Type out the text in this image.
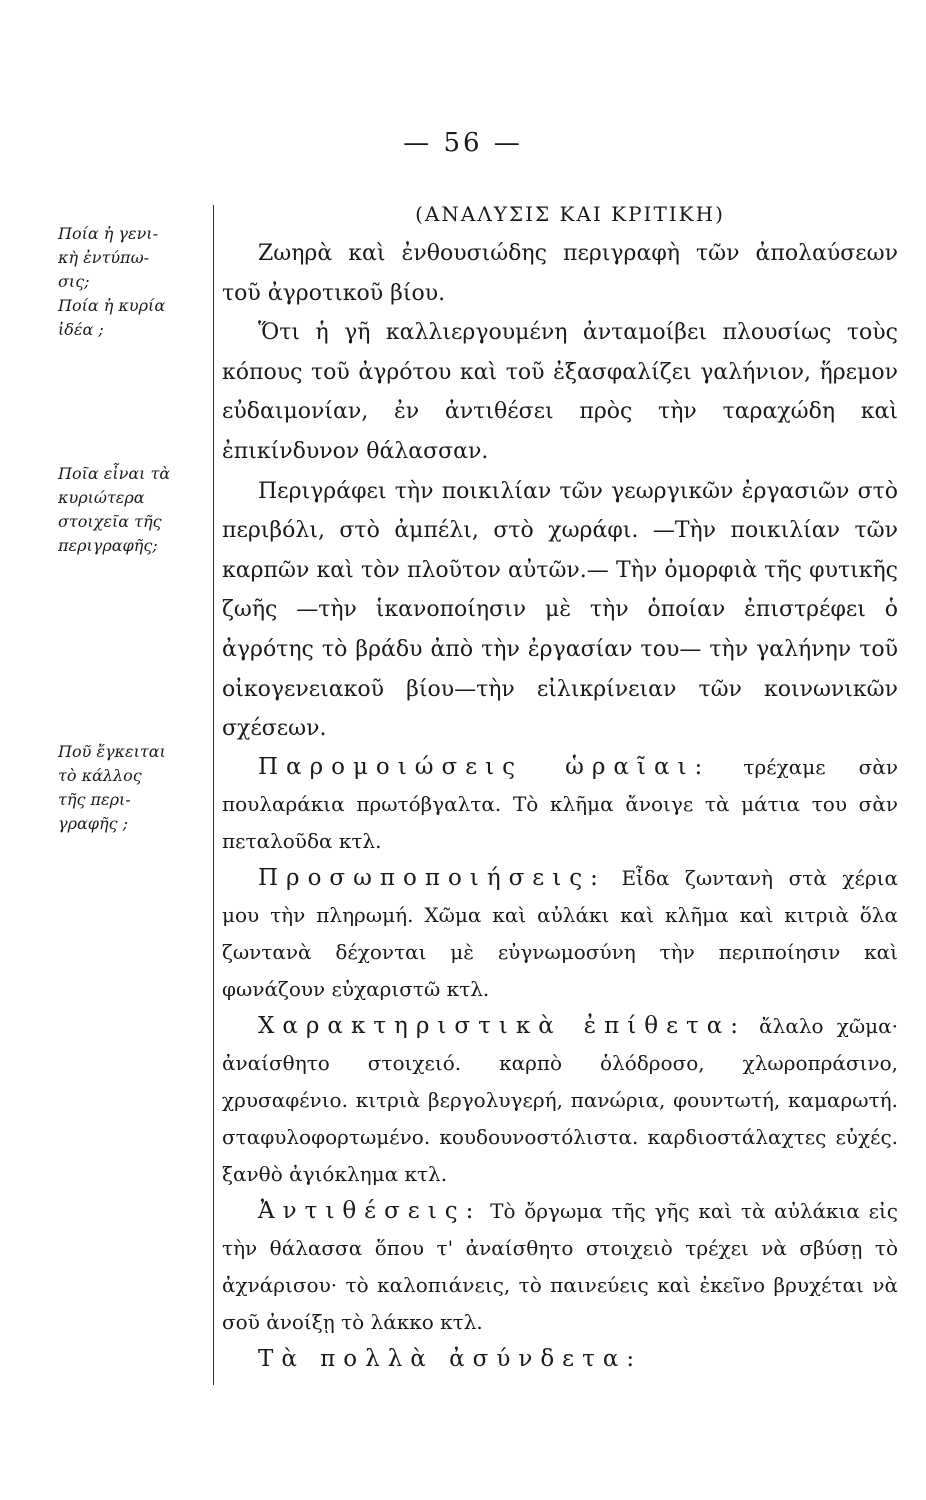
— 56 —
Ποία ἡ γενι-
κὴ ἐντύπω-
σις;
Ποία ἡ κυρία
ἰδέα ;
Ποῖα εἶναι τὰ
κυριώτερα
στοιχεῖα τῆς
περιγραφῆς;
Ποῦ ἔγκειται
τὸ κάλλος
τῆς περι-
γραφῆς ;
(ΑΝΑΛΥΣΙΣ ΚΑΙ ΚΡΙΤΙΚΗ)

Ζωηρὰ καὶ ἐνθουσιώδης περιγραφὴ τῶν ἀπολαύσεων τοῦ ἀγροτικοῦ βίου.

Ὅτι ἡ γῆ καλλιεργουμένη ἀνταμοίβει πλουσίως τοὺς κόπους τοῦ ἀγρότου καὶ τοῦ ἐξασφαλίζει γαλήνιον, ἥρεμον εὐδαιμονίαν, ἐν ἀντιθέσει πρὸς τὴν ταραχώδη καὶ ἐπικίνδυνον θάλασσαν.

Περιγράφει τὴν ποικιλίαν τῶν γεωργικῶν ἐργασιῶν στὸ περιβόλι, στὸ ἀμπέλι, στὸ χωράφι. —Τὴν ποικιλίαν τῶν καρπῶν καὶ τὸν πλοῦτον αὐτῶν.— Τὴν ὀμορφιὰ τῆς φυτικῆς ζωῆς —τὴν ἱκανοποίησιν μὲ τὴν ὁποίαν ἐπιστρέφει ὁ ἀγρότης τὸ βράδυ ἀπὸ τὴν ἐργασίαν του— τὴν γαλήνην τοῦ οἰκογενειακοῦ βίου—τὴν εἰλικρίνειαν τῶν κοινωνικῶν σχέσεων.

Παρομοιώσεις ὡραῖαι: τρέχαμε σὰν πουλαράκια πρωτόβγαλτα. Τὸ κλῆμα ἄνοιγε τὰ μάτια του σὰν πεταλοῦδα κτλ.

Προσωποποιήσεις: Εἶδα ζωντανὴ στὰ χέρια μου τὴν πληρωμή. Χῶμα καὶ αὐλάκι καὶ κλῆμα καὶ κιτριὰ ὅλα ζωντανὰ δέχονται μὲ εὐγνωμοσύνη τὴν περιποίησιν καὶ φωνάζουν εὐχαριστῶ κτλ.

Χαρακτηριστικὰ ἐπίθετα: ἄλαλο χῶμα· ἀναίσθητο στοιχειό. καρπὸ ὁλόδροσο, χλωροπράσινο, χρυσαφένιο. κιτριὰ βεργολυγερή, πανώρια, φουντωτή, καμαρωτή. σταφυλοφορτωμένο. κουδουνοστόλιστα. καρδιοστάλαχτες εὐχές. ξανθὸ ἀγιόκλημα κτλ.

Ἀντιθέσεις: Τὸ ὄργωμα τῆς γῆς καὶ τὰ αὐλάκια εἰς τὴν θάλασσα ὅπου τ' ἀναίσθητο στοιχειὸ τρέχει νὰ σβύσῃ τὸ ἀχνάρισου· τὸ καλοπιάνεις, τὸ παινεύεις καὶ ἐκεῖνο βρυχέται νὰ σοῦ ἀνοίξῃ τὸ λάκκο κτλ.

Τὰ πολλὰ ἀσύνδετα:
